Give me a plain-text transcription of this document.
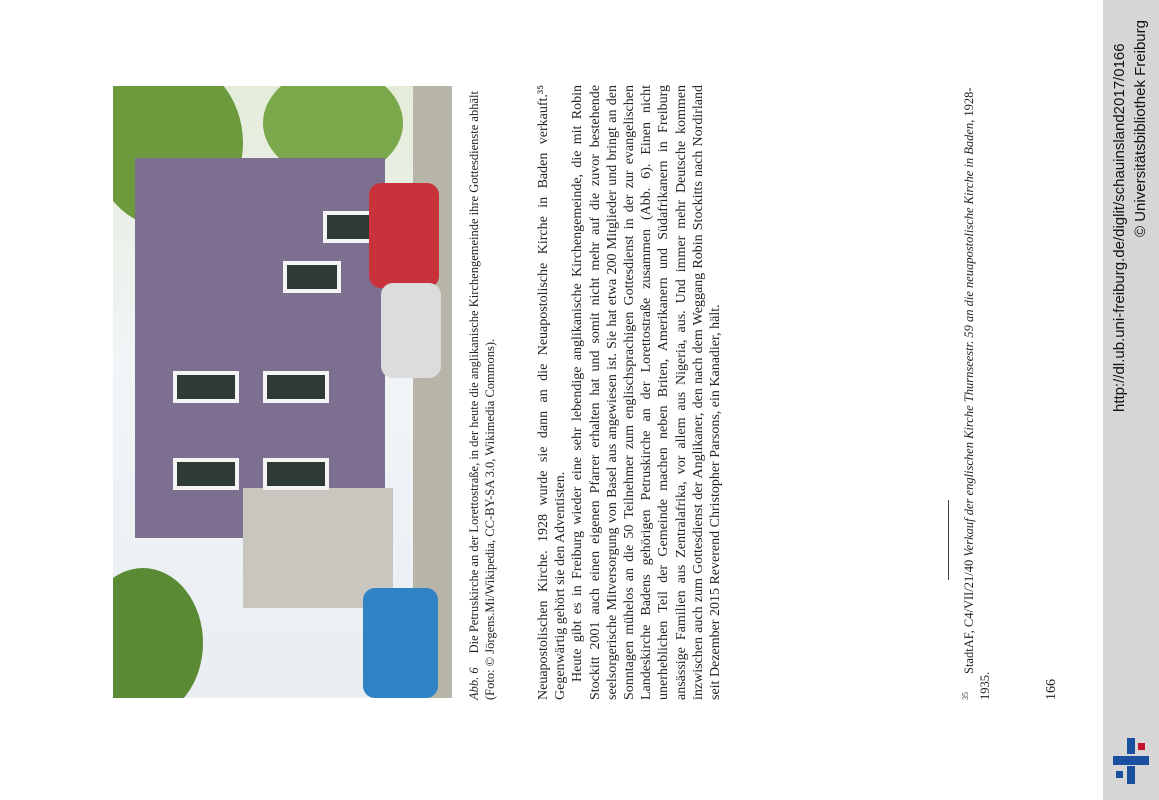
Abb. 6Die Petruskirche an der Lorettostraße, in der heute die anglikanische Kirchengemeinde ihre Gottesdienste abhält (Foto: © Jörgens.Mi/Wikipedia, CC-BY-SA 3.0, Wikimedia Commons).	Neuapostolischen Kirche. 1928 wurde sie dann an die Neuapostolische Kirche in Baden verkauft.³⁵ Gegenwärtig gehört sie den Adventisten. Heute gibt es in Freiburg wieder eine sehr lebendige anglikanische Kirchengemeinde, die mit Robin Stockitt 2001 auch einen eigenen Pfarrer erhalten hat und somit nicht mehr auf die zuvor bestehende seelsorgerische Mitversorgung von Basel aus angewiesen ist. Sie hat etwa 200 Mitglieder und bringt an den Sonntagen mühelos an die 50 Teilnehmer zum englischsprachigen Gottesdienst in der zur evangelischen Landeskirche Badens gehörigen Petruskirche an der Lorettostraße zusammen (Abb. 6). Einen nicht unerheblichen Teil der Gemeinde machen neben Briten, Amerikanern und Südafrikanern in Freiburg ansässige Familien aus Zentralafrika, vor allem aus Nigeria, aus. Und immer mehr Deutsche kommen inzwischen auch zum Gottesdienst der Anglikaner, den nach dem Weggang Robin Stockitts nach Nordirland seit Dezember 2015 Reverend Christopher Parsons, ein Kanadier, hält.	$^{35}$StadtAF, C4/VII/21/40 Verkauf der englischen Kirche Thurnseestr. 59 an die neuapostolische Kirche in Baden, 1928-1935.	166
http://dl.ub.uni-freiburg.de/diglit/schauinsland2017/0166 © Universitätsbibliothek Freiburg
